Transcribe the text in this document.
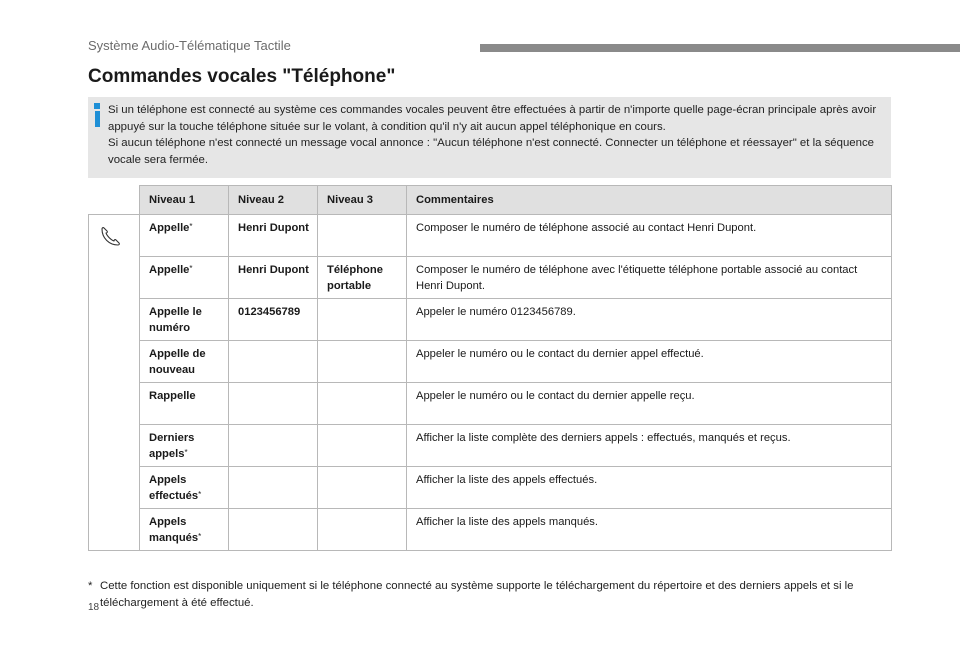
Système Audio-Télématique Tactile
Commandes vocales "Téléphone"

Si un téléphone est connecté au système ces commandes vocales peuvent être effectuées à partir de n'importe quelle page-écran principale après avoir appuyé sur la touche téléphone située sur le volant, à condition qu'il n'y ait aucun appel téléphonique en cours.

Si aucun téléphone n'est connecté un message vocal annonce : "Aucun téléphone n'est connecté. Connecter un téléphone et réessayer" et la séquence vocale sera fermée.

	Niveau 1	Niveau 2	Niveau 3	Commentaires
	Appelle*	Henri Dupont		Composer le numéro de téléphone associé au contact Henri Dupont.
	Appelle*	Henri Dupont	Téléphone portable	Composer le numéro de téléphone avec l'étiquette téléphone portable associé au contact Henri Dupont.
	Appelle le numéro	0123456789		Appeler le numéro 0123456789.
	Appelle de nouveau			Appeler le numéro ou le contact du dernier appel effectué.
	Rappelle			Appeler le numéro ou le contact du dernier appelle reçu.
	Derniers appels*			Afficher la liste complète des derniers appels : effectués, manqués et reçus.
	Appels effectués*			Afficher la liste des appels effectués.
	Appels manqués*			Afficher la liste des appels manqués.
* Cette fonction est disponible uniquement si le téléphone connecté au système supporte le téléchargement du répertoire et des derniers appels et si le téléchargement à été effectué.
18
